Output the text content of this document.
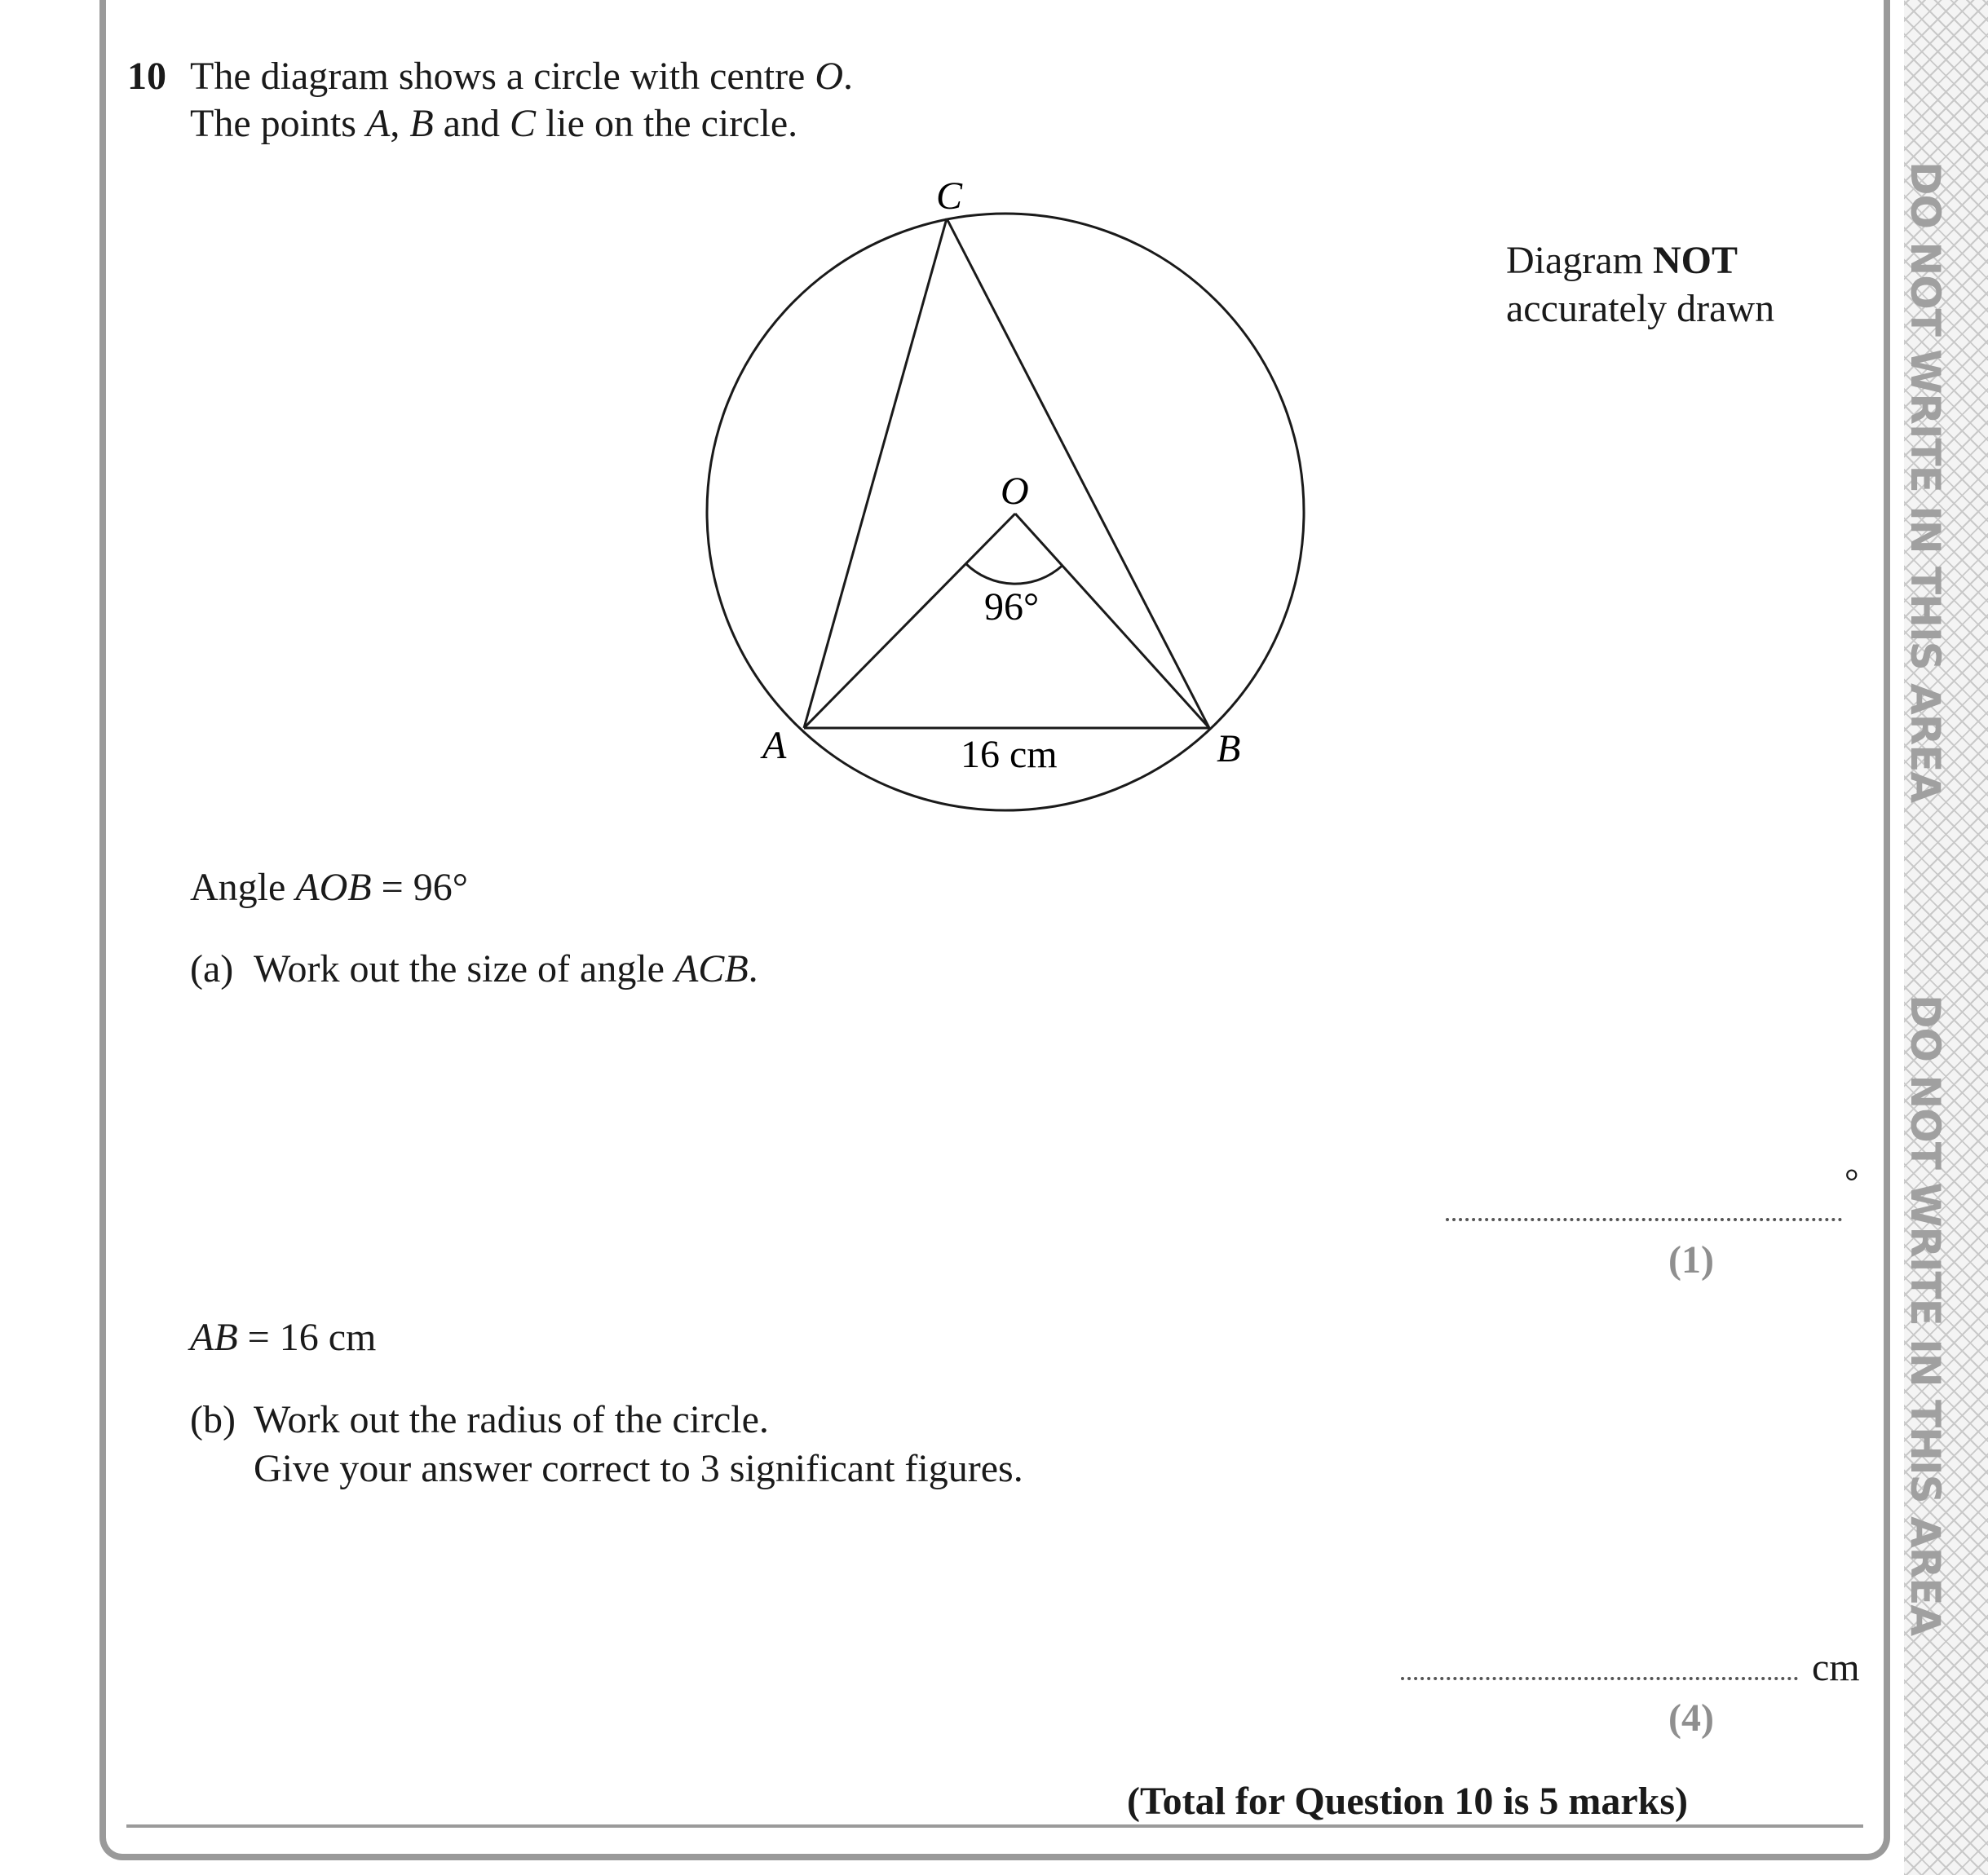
DO NOT WRITE IN THIS AREA
DO NOT WRITE IN THIS AREA
10 The diagram shows a circle with centre O.
The points A, B and C lie on the circle.
C
O
A	B
96°
16 cm
Diagram NOT
accurately drawn
Angle AOB = 96°
(a) Work out the size of angle ACB.
°
(1)
AB = 16 cm
(b) Work out the radius of the circle.
Give your answer correct to 3 significant figures.
cm
(4)
(Total for Question 10 is 5 marks)
